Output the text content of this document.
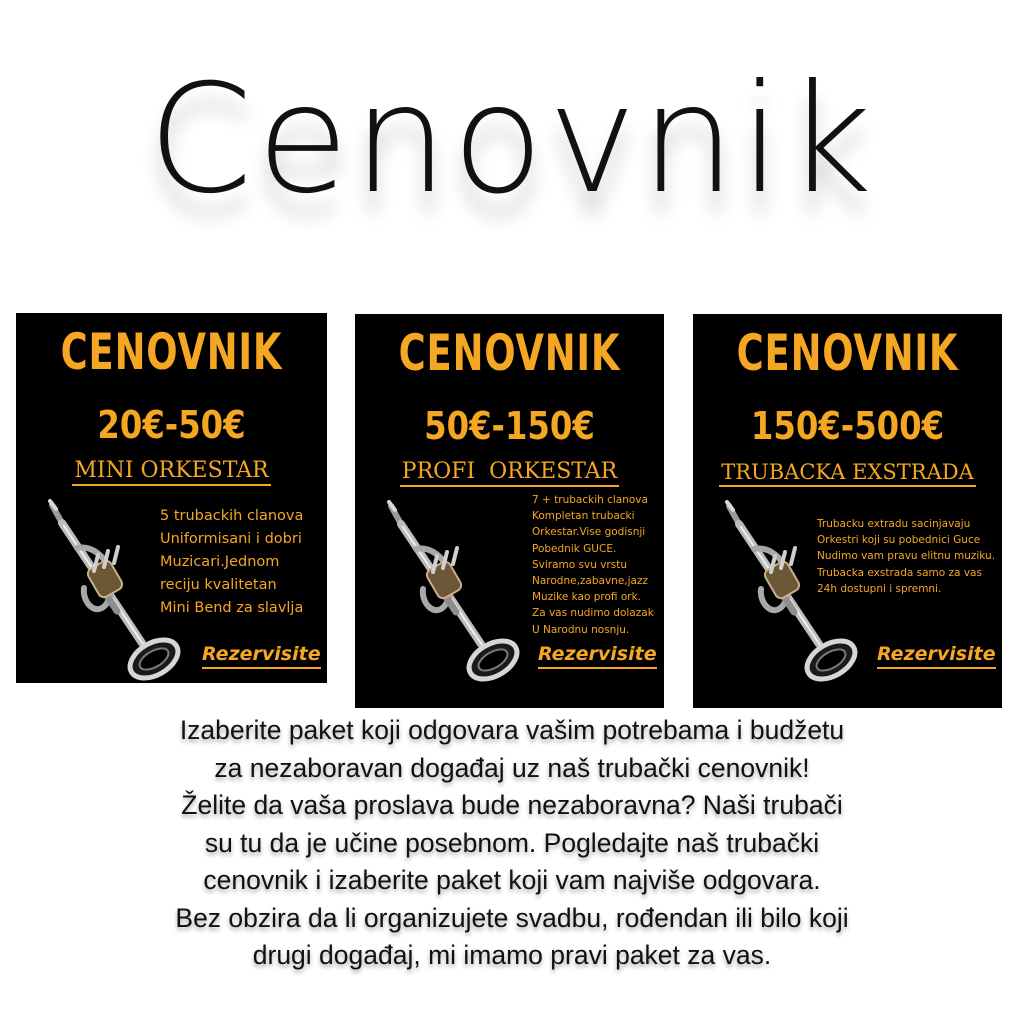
Cenovnik
CENOVNIK
20€-50€
MINI ORKESTAR
5 trubackih clanova
Uniformisani i dobri
Muzicari.Jednom
reciju kvalitetan
Mini Bend za slavlja
Rezervisite
CENOVNIK
50€-150€
PROFI  ORKESTAR
7 + trubackih clanova
Kompletan trubacki
Orkestar.Vise godisnji
Pobednik GUCE.
Sviramo svu vrstu
Narodne,zabavne,jazz
Muzike kao profi ork.
Za vas nudimo dolazak
U Narodnu nosnju.
Rezervisite
CENOVNIK
150€-500€
TRUBACKA EXSTRADA
Trubacku extradu sacinjavaju
Orkestri koji su pobednici Guce
Nudimo vam pravu elitnu muziku.
Trubacka exstrada samo za vas
24h dostupni i spremni.
Rezervisite
Izaberite paket koji odgovara vašim potrebama i budžetu
za nezaboravan događaj uz naš trubački cenovnik!
Želite da vaša proslava bude nezaboravna? Naši trubači
su tu da je učine posebnom. Pogledajte naš trubački
cenovnik i izaberite paket koji vam najviše odgovara.
Bez obzira da li organizujete svadbu, rođendan ili bilo koji
drugi događaj, mi imamo pravi paket za vas.
